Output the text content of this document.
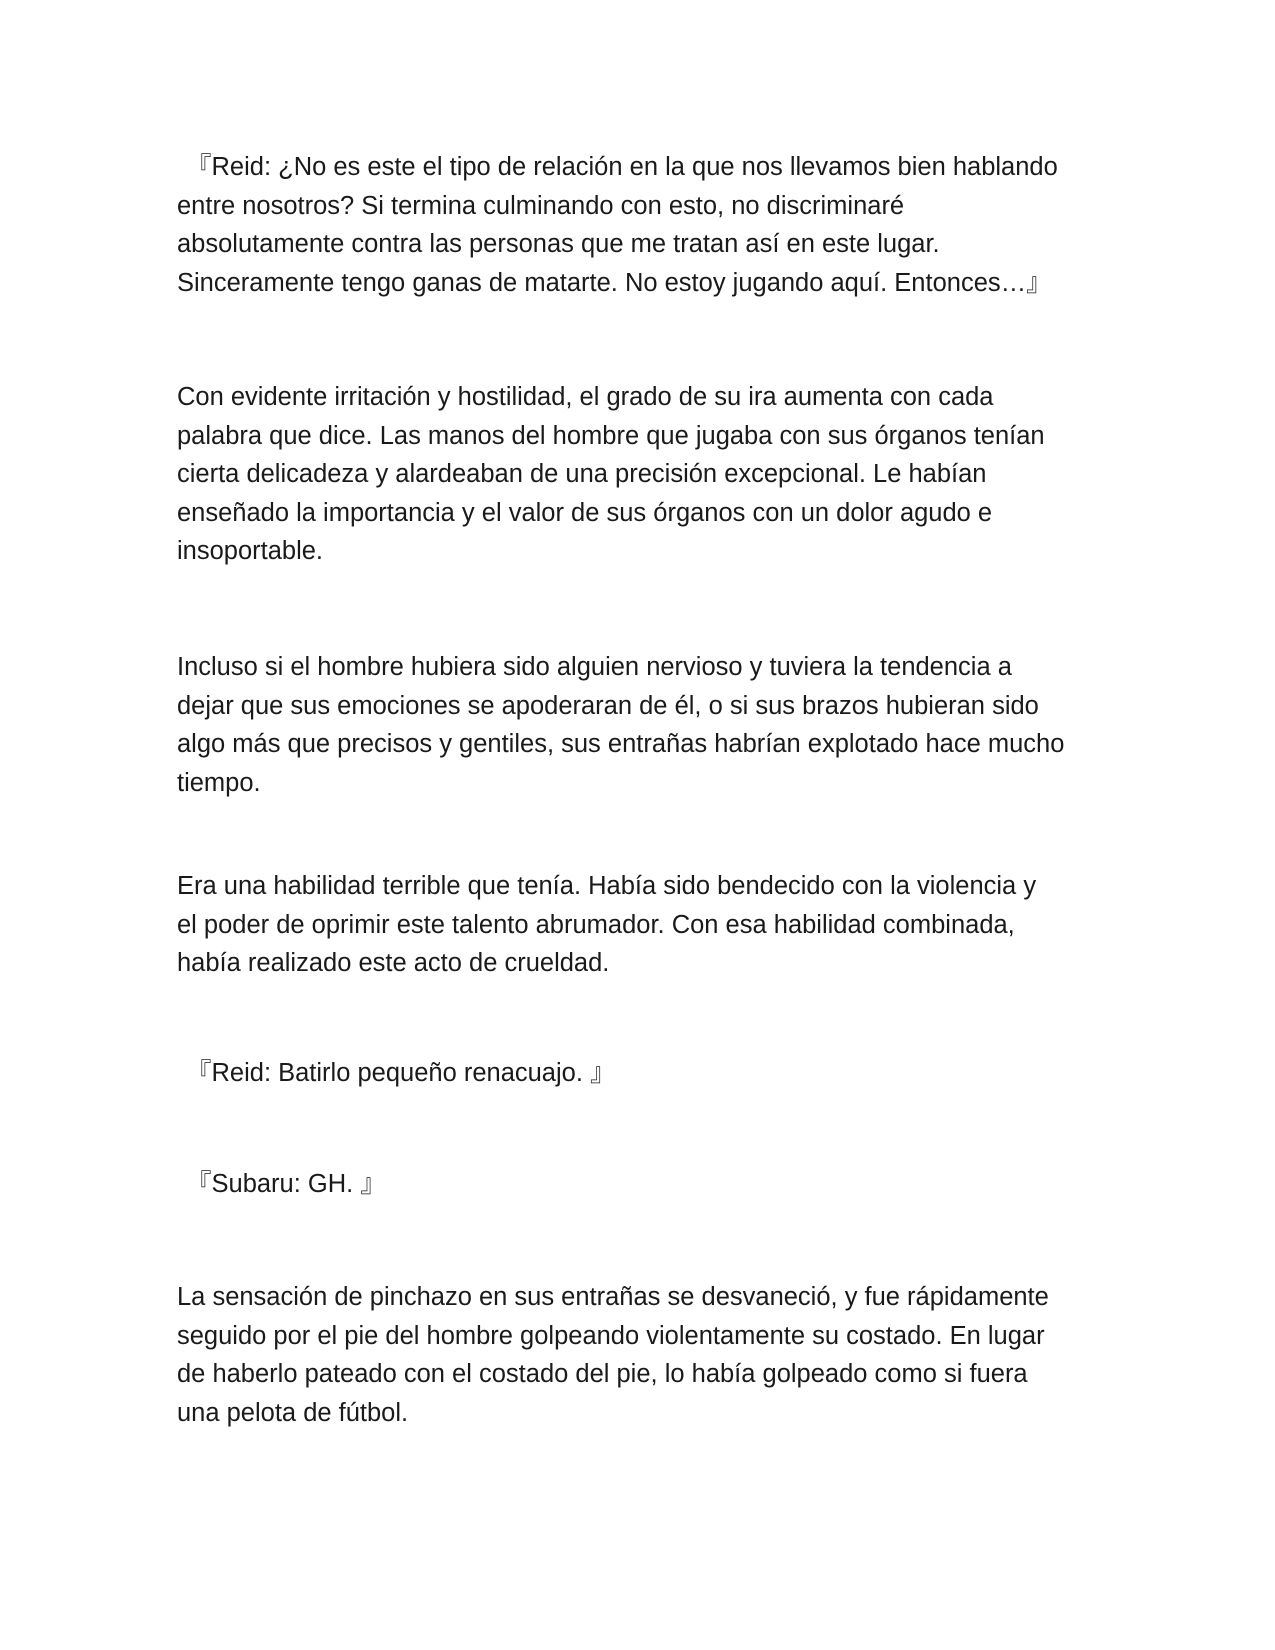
『Reid: ¿No es este el tipo de relación en la que nos llevamos bien hablando
entre nosotros? Si termina culminando con esto, no discriminaré
absolutamente contra las personas que me tratan así en este lugar.
Sinceramente tengo ganas de matarte. No estoy jugando aquí. Entonces…』

Con evidente irritación y hostilidad, el grado de su ira aumenta con cada
palabra que dice. Las manos del hombre que jugaba con sus órganos tenían
cierta delicadeza y alardeaban de una precisión excepcional. Le habían
enseñado la importancia y el valor de sus órganos con un dolor agudo e
insoportable.

Incluso si el hombre hubiera sido alguien nervioso y tuviera la tendencia a
dejar que sus emociones se apoderaran de él, o si sus brazos hubieran sido
algo más que precisos y gentiles, sus entrañas habrían explotado hace mucho
tiempo.

Era una habilidad terrible que tenía. Había sido bendecido con la violencia y
el poder de oprimir este talento abrumador. Con esa habilidad combinada,
había realizado este acto de crueldad.

『Reid: Batirlo pequeño renacuajo. 』

『Subaru: GH. 』

La sensación de pinchazo en sus entrañas se desvaneció, y fue rápidamente
seguido por el pie del hombre golpeando violentamente su costado. En lugar
de haberlo pateado con el costado del pie, lo había golpeado como si fuera
una pelota de fútbol.
